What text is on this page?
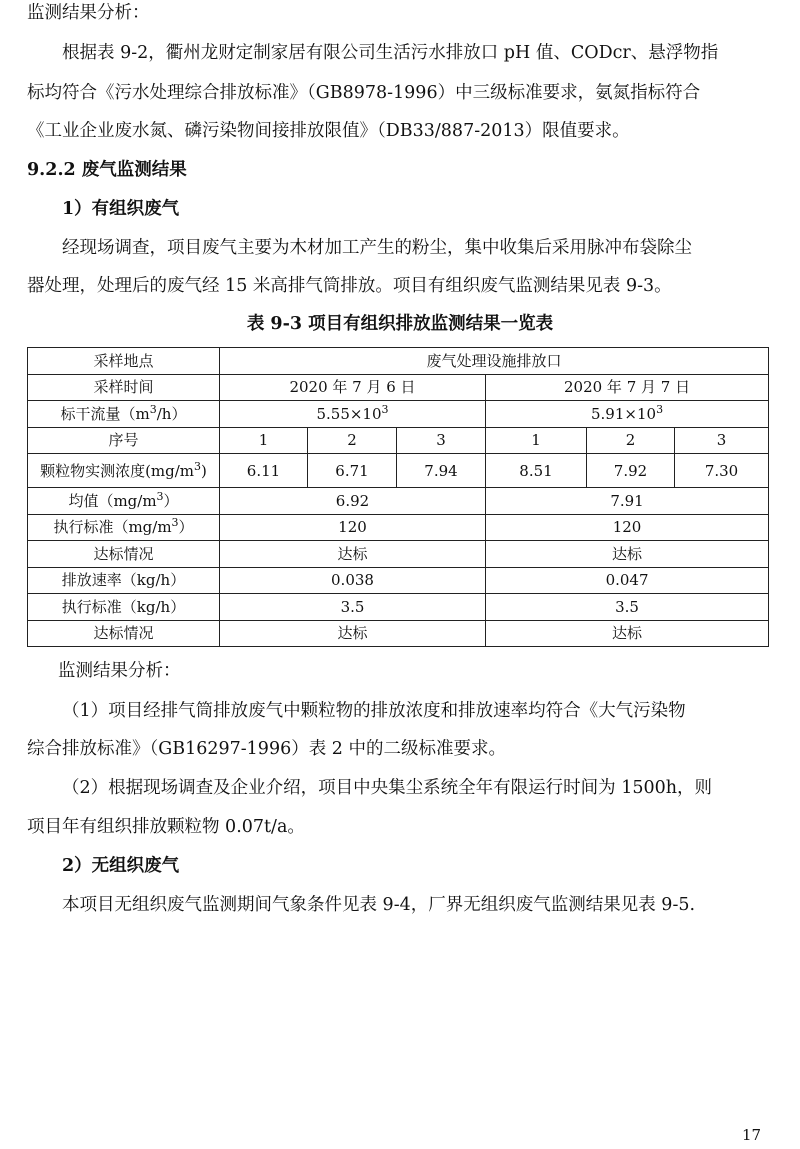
监测结果分析：
根据表 9-2，衢州龙财定制家居有限公司生活污水排放口 pH 值、CODcr、悬浮物指
标均符合《污水处理综合排放标准》（GB8978-1996）中三级标准要求，氨氮指标符合
《工业企业废水氮、磷污染物间接排放限值》（DB33/887-2013）限值要求。
9.2.2 废气监测结果
1）有组织废气
经现场调查，项目废气主要为木材加工产生的粉尘，集中收集后采用脉冲布袋除尘
器处理，处理后的废气经 15 米高排气筒排放。项目有组织废气监测结果见表 9-3。
表 9-3 项目有组织排放监测结果一览表
采样地点	废气处理设施排放口					
采样时间	2020 年 7 月 6 日			2020 年 7 月 7 日		
标干流量$(m^3/h)$	$5.55\times 10^3$			$5.91\times 10^3$
序号	1	2	3	1	2	3
颗粒物实测浓度$(mg/m^3)$	6.11	6.71	7.94	8.51	7.92	7.30
均值$(mg/m^3)$	6.92			7.91		
执行标准$(mg/m^3)$	120			120		
达标情况	达标			达标		
排放速率（kg/h）	0.038			0.047		
执行标准（kg/h）	3.5			3.5		
达标情况	达标			达标		
监测结果分析：
（1）项目经排气筒排放废气中颗粒物的排放浓度和排放速率均符合《大气污染物
综合排放标准》（GB16297-1996）表 2 中的二级标准要求。
（2）根据现场调查及企业介绍，项目中央集尘系统全年有限运行时间为 1500h，则
项目年有组织排放颗粒物 0.07t/a。
2）无组织废气
本项目无组织废气监测期间气象条件见表 9-4，厂界无组织废气监测结果见表 9-5.
17
